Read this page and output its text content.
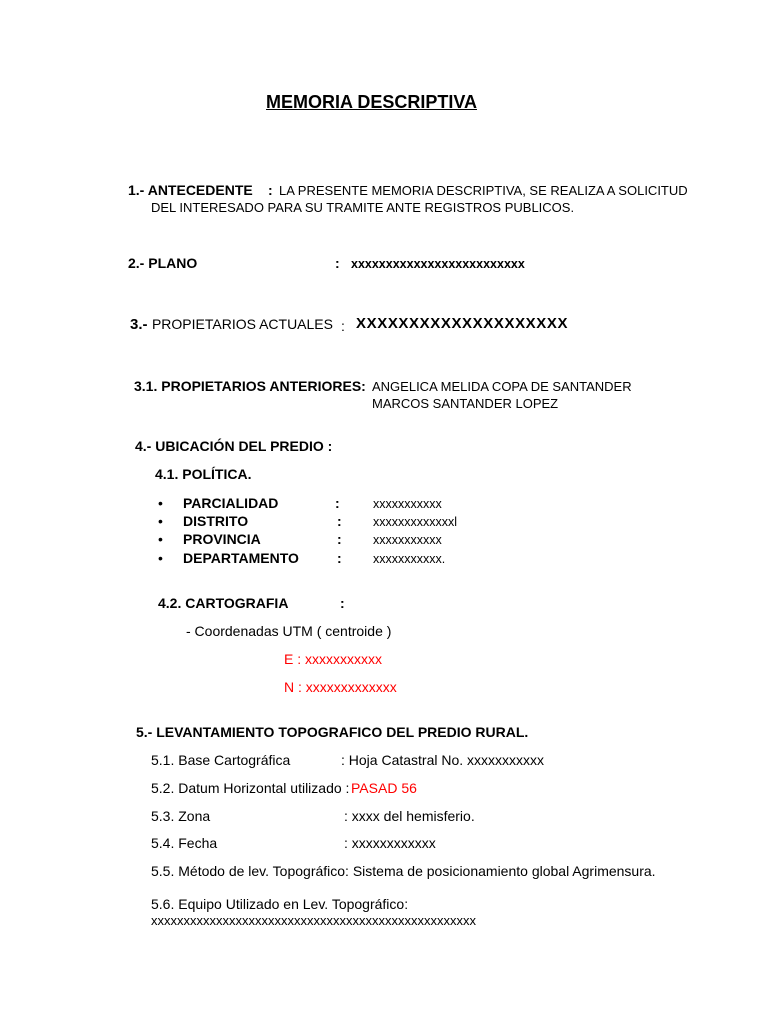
MEMORIA DESCRIPTIVA
1.- ANTECEDENTE : LA PRESENTE MEMORIA DESCRIPTIVA, SE REALIZA A SOLICITUD
DEL INTERESADO PARA SU TRAMITE ANTE REGISTROS PUBLICOS.
2.- PLANO	: xxxxxxxxxxxxxxxxxxxxxxxxx
3.- PROPIETARIOS ACTUALES : XXXXXXXXXXXXXXXXXXXX
3.1. PROPIETARIOS ANTERIORES: ANGELICA MELIDA COPA DE SANTANDER
MARCOS SANTANDER LOPEZ
4.- UBICACIÓN DEL PREDIO :
4.1. POLÍTICA.
• PARCIALIDAD	:	xxxxxxxxxxx
• DISTRITO	:	xxxxxxxxxxxxxl
• PROVINCIA	:	xxxxxxxxxxx
• DEPARTAMENTO	:	xxxxxxxxxxx.
4.2. CARTOGRAFIA	:
- Coordenadas UTM ( centroide )
E : xxxxxxxxxxx
N : xxxxxxxxxxxxx
5.- LEVANTAMIENTO TOPOGRAFICO DEL PREDIO RURAL.
5.1. Base Cartográfica	: Hoja Catastral No. xxxxxxxxxxx
5.2. Datum Horizontal utilizado : PASAD 56
5.3. Zona	: xxxx del hemisferio.
5.4. Fecha	: xxxxxxxxxxxx
5.5. Método de lev. Topográfico: Sistema de posicionamiento global Agrimensura.
5.6. Equipo Utilizado en Lev. Topográfico:
xxxxxxxxxxxxxxxxxxxxxxxxxxxxxxxxxxxxxxxxxxxxxxxxxx
